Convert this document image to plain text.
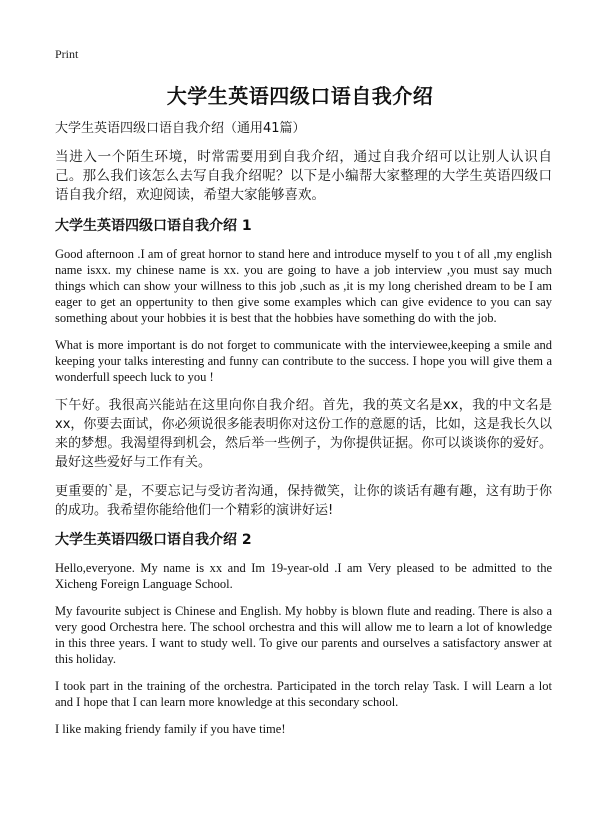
Print
大学生英语四级口语自我介绍

大学生英语四级口语自我介绍（通用41篇）

当进入一个陌生环境，时常需要用到自我介绍，通过自我介绍可以让别人认识自己。那么我们该怎么去写自我介绍呢？以下是小编帮大家整理的大学生英语四级口语自我介绍，欢迎阅读，希望大家能够喜欢。

大学生英语四级口语自我介绍 1

Good afternoon .I am of great hornor to stand here and introduce myself to you t of all ,my english name isxx. my chinese name is xx. you are going to have a job interview ,you must say much things which can show your willness to this job ,such as ,it is my long cherished dream to be I am eager to get an oppertunity to then give some examples which can give evidence to you can say something about your hobbies it is best that the hobbies have something do with the job.

What is more important is do not forget to communicate with the interviewee,keeping a smile and keeping your talks interesting and funny can contribute to the success. I hope you will give them a wonderfull speech luck to you !

下午好。我很高兴能站在这里向你自我介绍。首先，我的英文名是xx，我的中文名是xx，你要去面试，你必须说很多能表明你对这份工作的意愿的话，比如，这是我长久以来的梦想。我渴望得到机会，然后举一些例子，为你提供证据。你可以谈谈你的爱好。最好这些爱好与工作有关。

更重要的`是，不要忘记与受访者沟通，保持微笑，让你的谈话有趣有趣，这有助于你的成功。我希望你能给他们一个精彩的演讲好运!

大学生英语四级口语自我介绍 2

Hello,everyone. My name is xx and Im 19-year-old .I am Very pleased to be admitted to the Xicheng Foreign Language School.

My favourite subject is Chinese and English. My hobby is blown flute and reading. There is also a very good Orchestra here. The school orchestra and this will allow me to learn a lot of knowledge in this three years. I want to study well. To give our parents and ourselves a satisfactory answer at this holiday.

I took part in the training of the orchestra. Participated in the torch relay Task. I will Learn a lot and I hope that I can learn more knowledge at this secondary school.

I like making friendy family if you have time!
